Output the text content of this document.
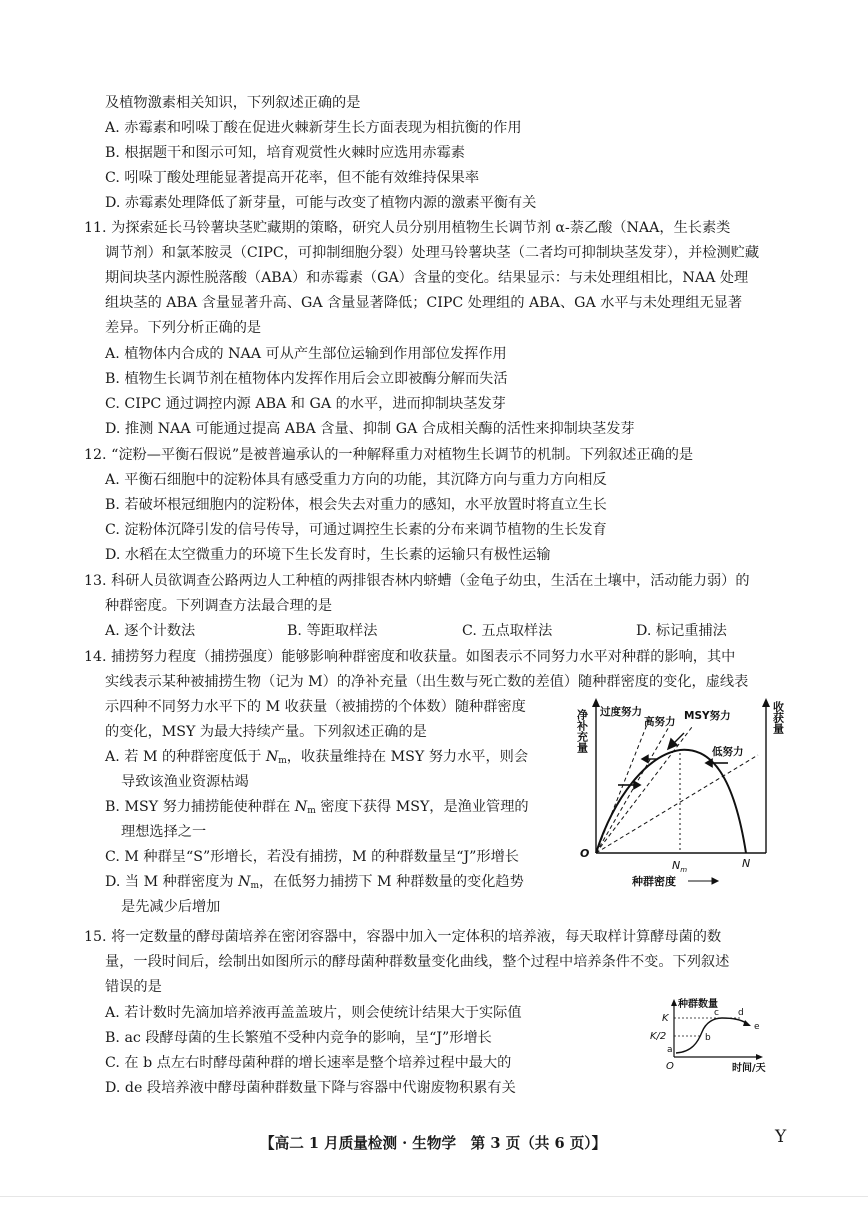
及植物激素相关知识，下列叙述正确的是
A. 赤霉素和吲哚丁酸在促进火棘新芽生长方面表现为相抗衡的作用
B. 根据题干和图示可知，培育观赏性火棘时应选用赤霉素
C. 吲哚丁酸处理能显著提高开花率，但不能有效维持保果率
D. 赤霉素处理降低了新芽量，可能与改变了植物内源的激素平衡有关
11. 为探索延长马铃薯块茎贮藏期的策略，研究人员分别用植物生长调节剂 α-萘乙酸（NAA，生长素类
调节剂）和氯苯胺灵（CIPC，可抑制细胞分裂）处理马铃薯块茎（二者均可抑制块茎发芽），并检测贮藏
期间块茎内源性脱落酸（ABA）和赤霉素（GA）含量的变化。结果显示：与未处理组相比，NAA 处理
组块茎的 ABA 含量显著升高、GA 含量显著降低；CIPC 处理组的 ABA、GA 水平与未处理组无显著
差异。下列分析正确的是
A. 植物体内合成的 NAA 可从产生部位运输到作用部位发挥作用
B. 植物生长调节剂在植物体内发挥作用后会立即被酶分解而失活
C. CIPC 通过调控内源 ABA 和 GA 的水平，进而抑制块茎发芽
D. 推测 NAA 可能通过提高 ABA 含量、抑制 GA 合成相关酶的活性来抑制块茎发芽
12. “淀粉—平衡石假说”是被普遍承认的一种解释重力对植物生长调节的机制。下列叙述正确的是
A. 平衡石细胞中的淀粉体具有感受重力方向的功能，其沉降方向与重力方向相反
B. 若破坏根冠细胞内的淀粉体，根会失去对重力的感知，水平放置时将直立生长
C. 淀粉体沉降引发的信号传导，可通过调控生长素的分布来调节植物的生长发育
D. 水稻在太空微重力的环境下生长发育时，生长素的运输只有极性运输
13. 科研人员欲调查公路两边人工种植的两排银杏林内蛴螬（金龟子幼虫，生活在土壤中，活动能力弱）的
种群密度。下列调查方法最合理的是
A. 逐个计数法	B. 等距取样法	C. 五点取样法	D. 标记重捕法
14. 捕捞努力程度（捕捞强度）能够影响种群密度和收获量。如图表示不同努力水平对种群的影响，其中
实线表示某种被捕捞生物（记为 M）的净补充量（出生数与死亡数的差值）随种群密度的变化，虚线表
示四种不同努力水平下的 M 收获量（被捕捞的个体数）随种群密度
的变化，MSY 为最大持续产量。下列叙述正确的是
A. 若 M 的种群密度低于 $N_m$，收获量维持在 MSY 努力水平，则会
导致该渔业资源枯竭
B. MSY 努力捕捞能使种群在 $N_m$ 密度下获得 MSY，是渔业管理的
理想选择之一
C. M 种群呈“S”形增长，若没有捕捞，M 的种群数量呈“J”形增长
D. 当 M 种群密度为 $N_m$，在低努力捕捞下 M 种群数量的变化趋势
是先减少后增加
净补充量	收获量
过度努力
高努力 MSY努力
低努力
O
$N_m$	N
种群密度
15. 将一定数量的酵母菌培养在密闭容器中，容器中加入一定体积的培养液，每天取样计算酵母菌的数
量，一段时间后，绘制出如图所示的酵母菌种群数量变化曲线，整个过程中培养条件不变。下列叙述
错误的是
A. 若计数时先滴加培养液再盖盖玻片，则会使统计结果大于实际值
B. ac 段酵母菌的生长繁殖不受种内竞争的影响，呈“J”形增长
C. 在 b 点左右时酵母菌种群的增长速率是整个培养过程中最大的
D. de 段培养液中酵母菌种群数量下降与容器中代谢废物积累有关
种群数量
K
K/2
a
b
c d
e
O	时间/天
【高二 1 月质量检测 · 生物学　第 3 页（共 6 页）】	Y
